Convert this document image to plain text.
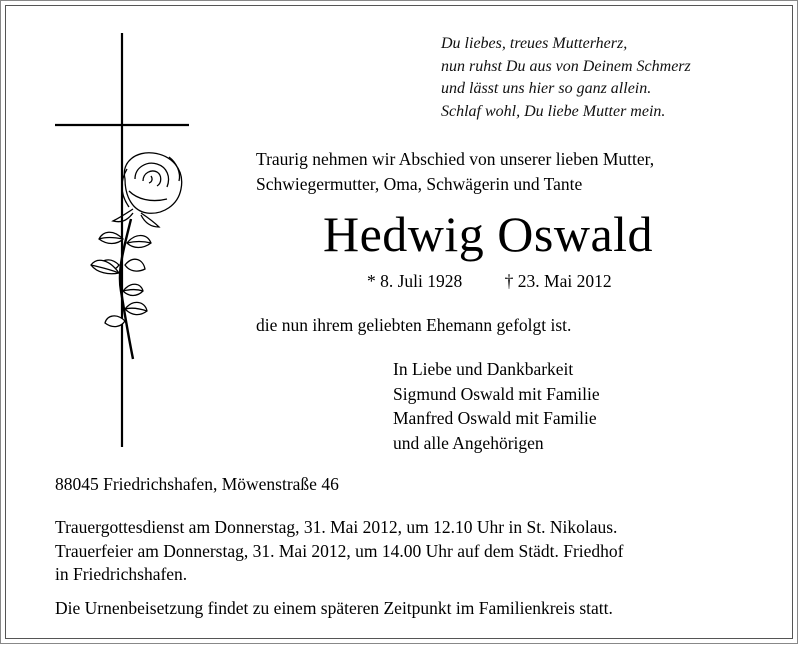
Du liebes, treues Mutterherz,
nun ruhst Du aus von Deinem Schmerz
und lässt uns hier so ganz allein.
Schlaf wohl, Du liebe Mutter mein.
Traurig nehmen wir Abschied von unserer lieben Mutter,
Schwiegermutter, Oma, Schwägerin und Tante
Hedwig Oswald
* 8. Juli 1928 † 23. Mai 2012
die nun ihrem geliebten Ehemann gefolgt ist.
In Liebe und Dankbarkeit
Sigmund Oswald mit Familie
Manfred Oswald mit Familie
und alle Angehörigen
88045 Friedrichshafen, Möwenstraße 46
Trauergottesdienst am Donnerstag, 31. Mai 2012, um 12.10 Uhr in St. Nikolaus.
Trauerfeier am Donnerstag, 31. Mai 2012, um 14.00 Uhr auf dem Städt. Friedhof
in Friedrichshafen.
Die Urnenbeisetzung findet zu einem späteren Zeitpunkt im Familienkreis statt.
